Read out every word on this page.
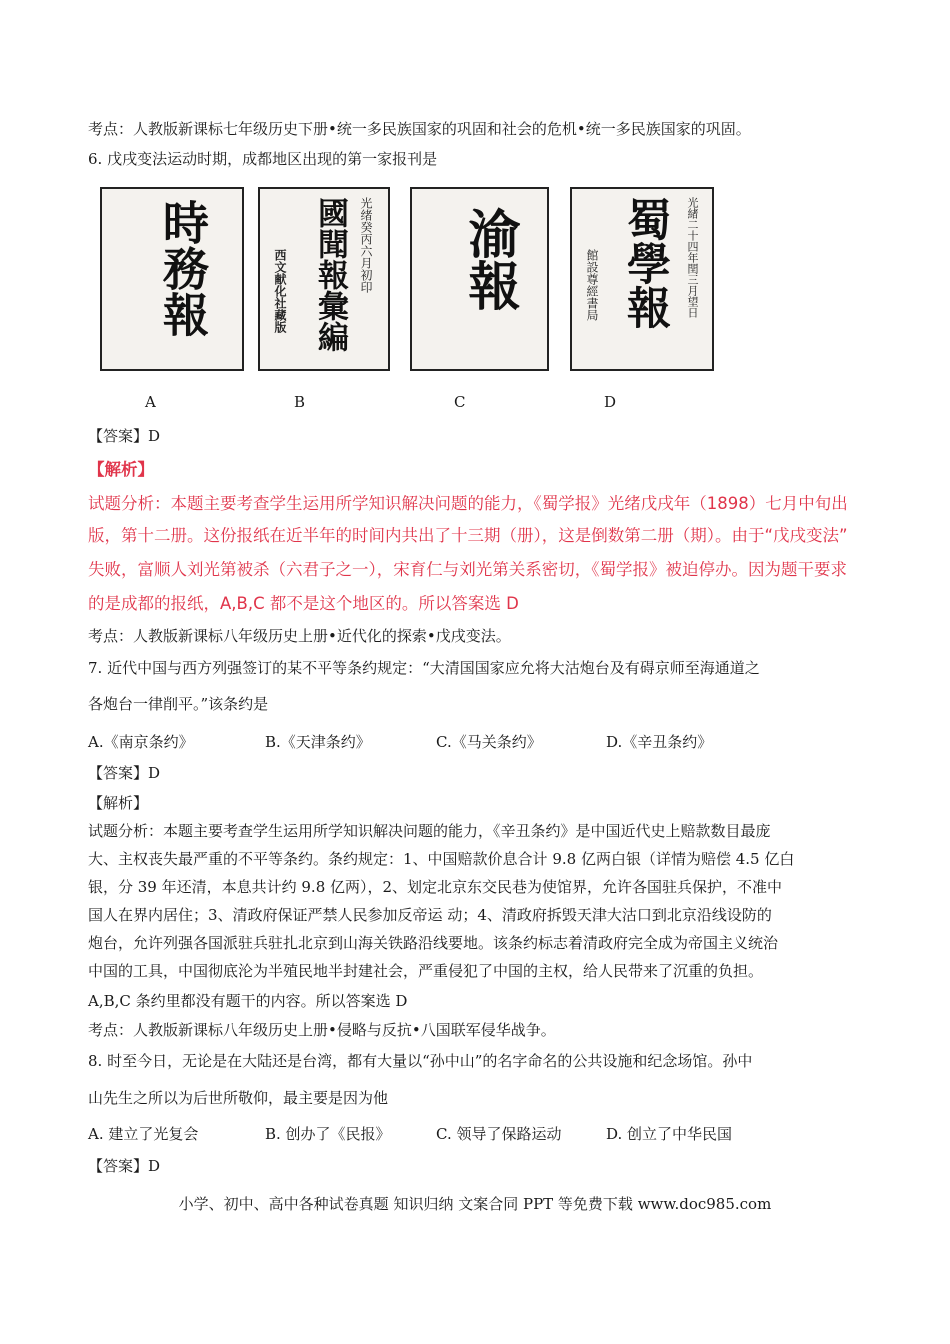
考点：人教版新课标七年级历史下册•统一多民族国家的巩固和社会的危机•统一多民族国家的巩固。
6. 戊戌变法运动时期，成都地区出现的第一家报刊是
時務報	光绪癸丙六月初印
國聞報彙編
西文献化社藏版	渝報	光緒二十四年閏三月望日
蜀學報
館設尊經書局
A	B	C	D
【答案】D
【解析】
试题分析：本题主要考查学生运用所学知识解决问题的能力，《蜀学报》光绪戊戌年（1898）七月中旬出
版，第十二册。这份报纸在近半年的时间内共出了十三期（册），这是倒数第二册（期）。由于“戊戌变法”
失败，富顺人刘光第被杀（六君子之一），宋育仁与刘光第关系密切，《蜀学报》被迫停办。因为题干要求
的是成都的报纸，A,B,C 都不是这个地区的。所以答案选 D
考点：人教版新课标八年级历史上册•近代化的探索•戊戌变法。
7. 近代中国与西方列强签订的某不平等条约规定：“大清国国家应允将大沽炮台及有碍京师至海通道之
各炮台一律削平。”该条约是
A.《南京条约》	B.《天津条约》	C.《马关条约》	D.《辛丑条约》
【答案】D
【解析】
试题分析：本题主要考查学生运用所学知识解决问题的能力，《辛丑条约》是中国近代史上赔款数目最庞
大、主权丧失最严重的不平等条约。条约规定：1、中国赔款价息合计 9.8 亿两白银（详情为赔偿 4.5 亿白
银，分 39 年还清，本息共计约 9.8 亿两），2、划定北京东交民巷为使馆界，允许各国驻兵保护，不准中
国人在界内居住；3、清政府保证严禁人民参加反帝运 动；4、清政府拆毁天津大沽口到北京沿线设防的
炮台，允许列强各国派驻兵驻扎北京到山海关铁路沿线要地。该条约标志着清政府完全成为帝国主义统治
中国的工具，中国彻底沦为半殖民地半封建社会，严重侵犯了中国的主权，给人民带来了沉重的负担。
A,B,C 条约里都没有题干的内容。所以答案选 D
考点：人教版新课标八年级历史上册•侵略与反抗•八国联军侵华战争。
8. 时至今日，无论是在大陆还是台湾，都有大量以“孙中山”的名字命名的公共设施和纪念场馆。孙中
山先生之所以为后世所敬仰，最主要是因为他
A. 建立了光复会	B. 创办了《民报》	C. 领导了保路运动	D. 创立了中华民国
【答案】D
小学、初中、高中各种试卷真题 知识归纳 文案合同 PPT 等免费下载 www.doc985.com
